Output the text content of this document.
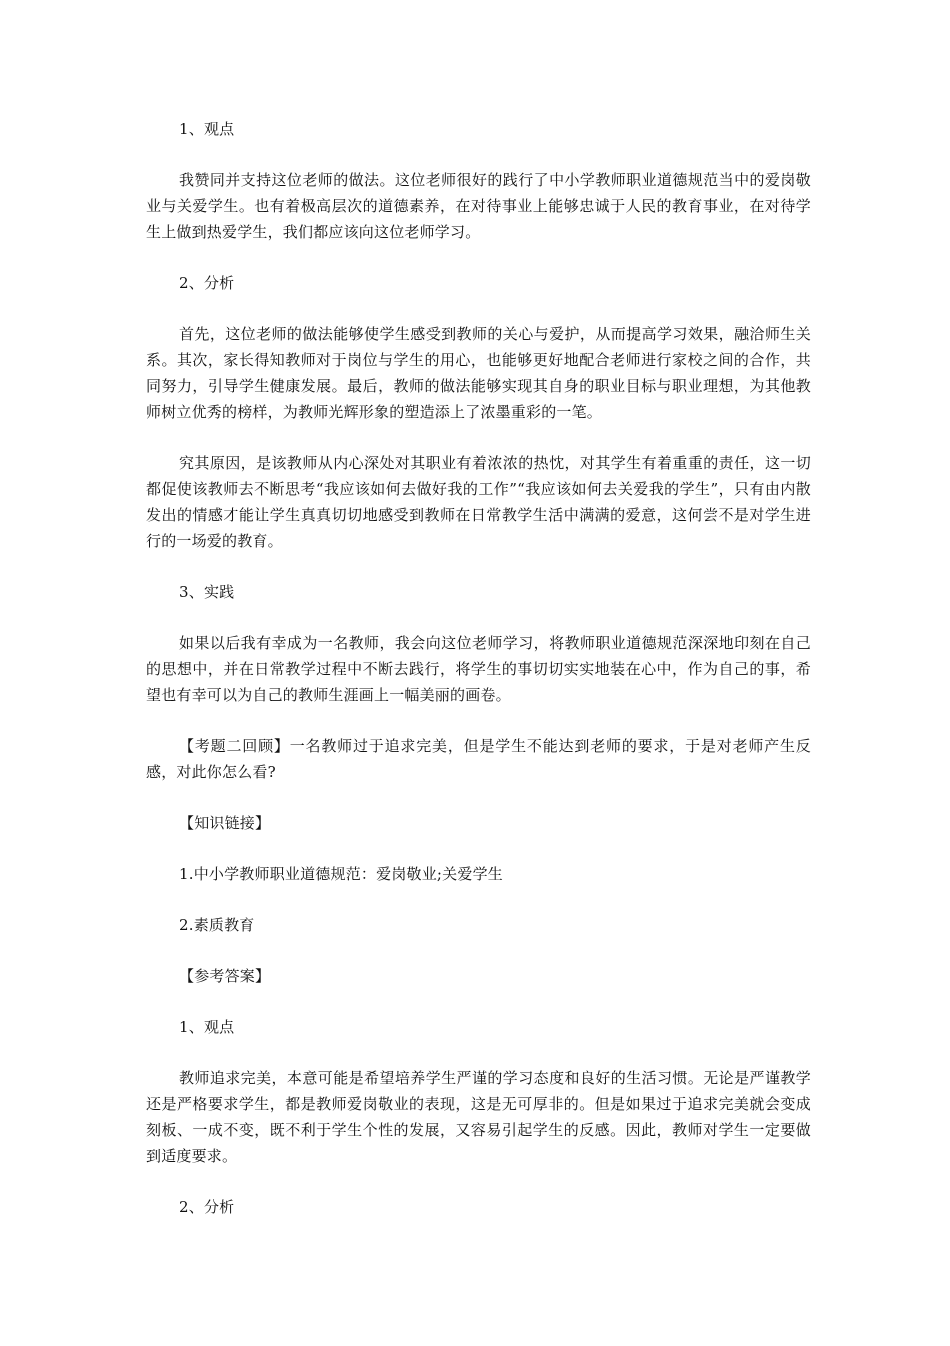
1、观点

我赞同并支持这位老师的做法。这位老师很好的践行了中小学教师职业道德规范当中的爱岗敬业与关爱学生。也有着极高层次的道德素养，在对待事业上能够忠诚于人民的教育事业，在对待学生上做到热爱学生，我们都应该向这位老师学习。

2、分析

首先，这位老师的做法能够使学生感受到教师的关心与爱护，从而提高学习效果，融洽师生关系。其次，家长得知教师对于岗位与学生的用心，也能够更好地配合老师进行家校之间的合作，共同努力，引导学生健康发展。最后，教师的做法能够实现其自身的职业目标与职业理想，为其他教师树立优秀的榜样，为教师光辉形象的塑造添上了浓墨重彩的一笔。

究其原因，是该教师从内心深处对其职业有着浓浓的热忱，对其学生有着重重的责任，这一切都促使该教师去不断思考“我应该如何去做好我的工作”“我应该如何去关爱我的学生”，只有由内散发出的情感才能让学生真真切切地感受到教师在日常教学生活中满满的爱意，这何尝不是对学生进行的一场爱的教育。

3、实践

如果以后我有幸成为一名教师，我会向这位老师学习，将教师职业道德规范深深地印刻在自己的思想中，并在日常教学过程中不断去践行，将学生的事切切实实地装在心中，作为自己的事，希望也有幸可以为自己的教师生涯画上一幅美丽的画卷。

【考题二回顾】一名教师过于追求完美，但是学生不能达到老师的要求，于是对老师产生反感，对此你怎么看?

【知识链接】

1.中小学教师职业道德规范：爱岗敬业;关爱学生

2.素质教育

【参考答案】

1、观点

教师追求完美，本意可能是希望培养学生严谨的学习态度和良好的生活习惯。无论是严谨教学还是严格要求学生，都是教师爱岗敬业的表现，这是无可厚非的。但是如果过于追求完美就会变成刻板、一成不变，既不利于学生个性的发展，又容易引起学生的反感。因此，教师对学生一定要做到适度要求。

2、分析
